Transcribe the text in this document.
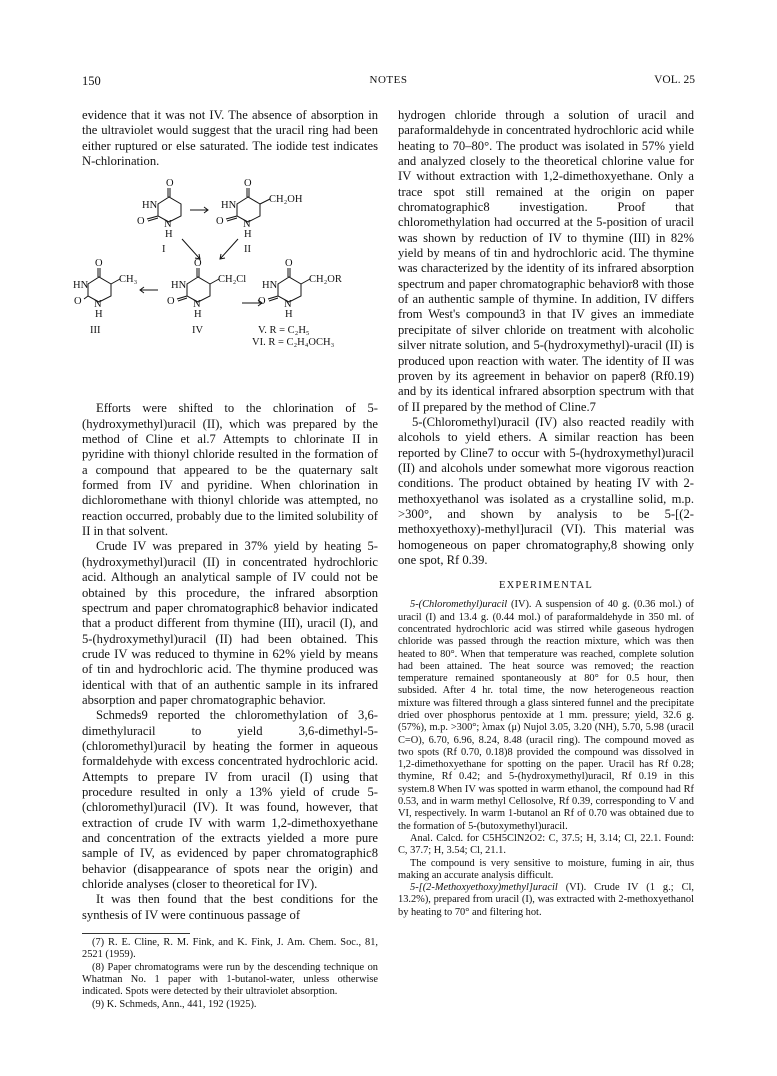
150	NOTES	VOL. 25

evidence that it was not IV. The absence of absorption in the ultraviolet would suggest that the uracil ring had been either ruptured or else saturated. The iodide test indicates N-chlorination.

O
HN
O N
H
I
O
HN
O N
H
CH₂OH
II
O
HN
O N
H
CH₃
III
O
HN
O N
H
CH₂Cl
IV
O
HN
O N
H
CH₂OR
V. R = C₂H₅
VI. R = C₂H₄OCH₃

Efforts were shifted to the chlorination of 5-(hydroxymethyl)uracil (II), which was prepared by the method of Cline et al.7 Attempts to chlorinate II in pyridine with thionyl chloride resulted in the formation of a compound that appeared to be the quaternary salt formed from IV and pyridine. When chlorination in dichloromethane with thionyl chloride was attempted, no reaction occurred, probably due to the limited solubility of II in that solvent.

Crude IV was prepared in 37% yield by heating 5-(hydroxymethyl)uracil (II) in concentrated hydrochloric acid. Although an analytical sample of IV could not be obtained by this procedure, the infrared absorption spectrum and paper chromatographic8 behavior indicated that a product different from thymine (III), uracil (I), and 5-(hydroxymethyl)uracil (II) had been obtained. This crude IV was reduced to thymine in 62% yield by means of tin and hydrochloric acid. The thymine produced was identical with that of an authentic sample in its infrared absorption and paper chromatographic behavior.

Schmeds9 reported the chloromethylation of 3,6-dimethyluracil to yield 3,6-dimethyl-5-(chloromethyl)uracil by heating the former in aqueous formaldehyde with excess concentrated hydrochloric acid. Attempts to prepare IV from uracil (I) using that procedure resulted in only a 13% yield of crude 5-(chloromethyl)uracil (IV). It was found, however, that extraction of crude IV with warm 1,2-dimethoxyethane and concentration of the extracts yielded a more pure sample of IV, as evidenced by paper chromatographic8 behavior (disappearance of spots near the origin) and chloride analyses (closer to theoretical for IV).

It was then found that the best conditions for the synthesis of IV were continuous passage of

(7) R. E. Cline, R. M. Fink, and K. Fink, J. Am. Chem. Soc., 81, 2521 (1959).

(8) Paper chromatograms were run by the descending technique on Whatman No. 1 paper with 1-butanol-water, unless otherwise indicated. Spots were detected by their ultraviolet absorption.

(9) K. Schmeds, Ann., 441, 192 (1925).

hydrogen chloride through a solution of uracil and paraformaldehyde in concentrated hydrochloric acid while heating to 70–80°. The product was isolated in 57% yield and analyzed closely to the theoretical chlorine value for IV without extraction with 1,2-dimethoxyethane. Only a trace spot still remained at the origin on paper chromatographic8 investigation. Proof that chloromethylation had occurred at the 5-position of uracil was shown by reduction of IV to thymine (III) in 82% yield by means of tin and hydrochloric acid. The thymine was characterized by the identity of its infrared absorption spectrum and paper chromatographic behavior8 with those of an authentic sample of thymine. In addition, IV differs from West's compound3 in that IV gives an immediate precipitate of silver chloride on treatment with alcoholic silver nitrate solution, and 5-(hydroxymethyl)-uracil (II) is produced upon reaction with water. The identity of II was proven by its agreement in behavior on paper8 (Rf0.19) and by its identical infrared absorption spectrum with that of II prepared by the method of Cline.7

5-(Chloromethyl)uracil (IV) also reacted readily with alcohols to yield ethers. A similar reaction has been reported by Cline7 to occur with 5-(hydroxymethyl)uracil (II) and alcohols under somewhat more vigorous reaction conditions. The product obtained by heating IV with 2-methoxyethanol was isolated as a crystalline solid, m.p. >300°, and shown by analysis to be 5-[(2-methoxyethoxy)-methyl]uracil (VI). This material was homogeneous on paper chromatography,8 showing only one spot, Rf 0.39.

EXPERIMENTAL

5-(Chloromethyl)uracil (IV). A suspension of 40 g. (0.36 mol.) of uracil (I) and 13.4 g. (0.44 mol.) of paraformaldehyde in 350 ml. of concentrated hydrochloric acid was stirred while gaseous hydrogen chloride was passed through the reaction mixture, which was then heated to 80°. When that temperature was reached, complete solution had been attained. The heat source was removed; the reaction temperature remained spontaneously at 80° for 0.5 hour, then subsided. After 4 hr. total time, the now heterogeneous reaction mixture was filtered through a glass sintered funnel and the precipitate dried over phosphorus pentoxide at 1 mm. pressure; yield, 32.6 g. (57%), m.p. >300°; λmax (μ) Nujol 3.05, 3.20 (NH), 5.70, 5.98 (uracil C=O), 6.70, 6.96, 8.24, 8.48 (uracil ring). The compound moved as two spots (Rf 0.70, 0.18)8 provided the compound was dissolved in 1,2-dimethoxyethane for spotting on the paper. Uracil has Rf 0.28; thymine, Rf 0.42; and 5-(hydroxymethyl)uracil, Rf 0.19 in this system.8 When IV was spotted in warm ethanol, the compound had Rf 0.53, and in warm methyl Cellosolve, Rf 0.39, corresponding to V and VI, respectively. In warm 1-butanol an Rf of 0.70 was obtained due to the formation of 5-(butoxymethyl)uracil.

Anal. Calcd. for C5H5ClN2O2: C, 37.5; H, 3.14; Cl, 22.1. Found: C, 37.7; H, 3.54; Cl, 21.1.

The compound is very sensitive to moisture, fuming in air, thus making an accurate analysis difficult.

5-[(2-Methoxyethoxy)methyl]uracil (VI). Crude IV (1 g.; Cl, 13.2%), prepared from uracil (I), was extracted with 2-methoxyethanol by heating to 70° and filtering hot.
